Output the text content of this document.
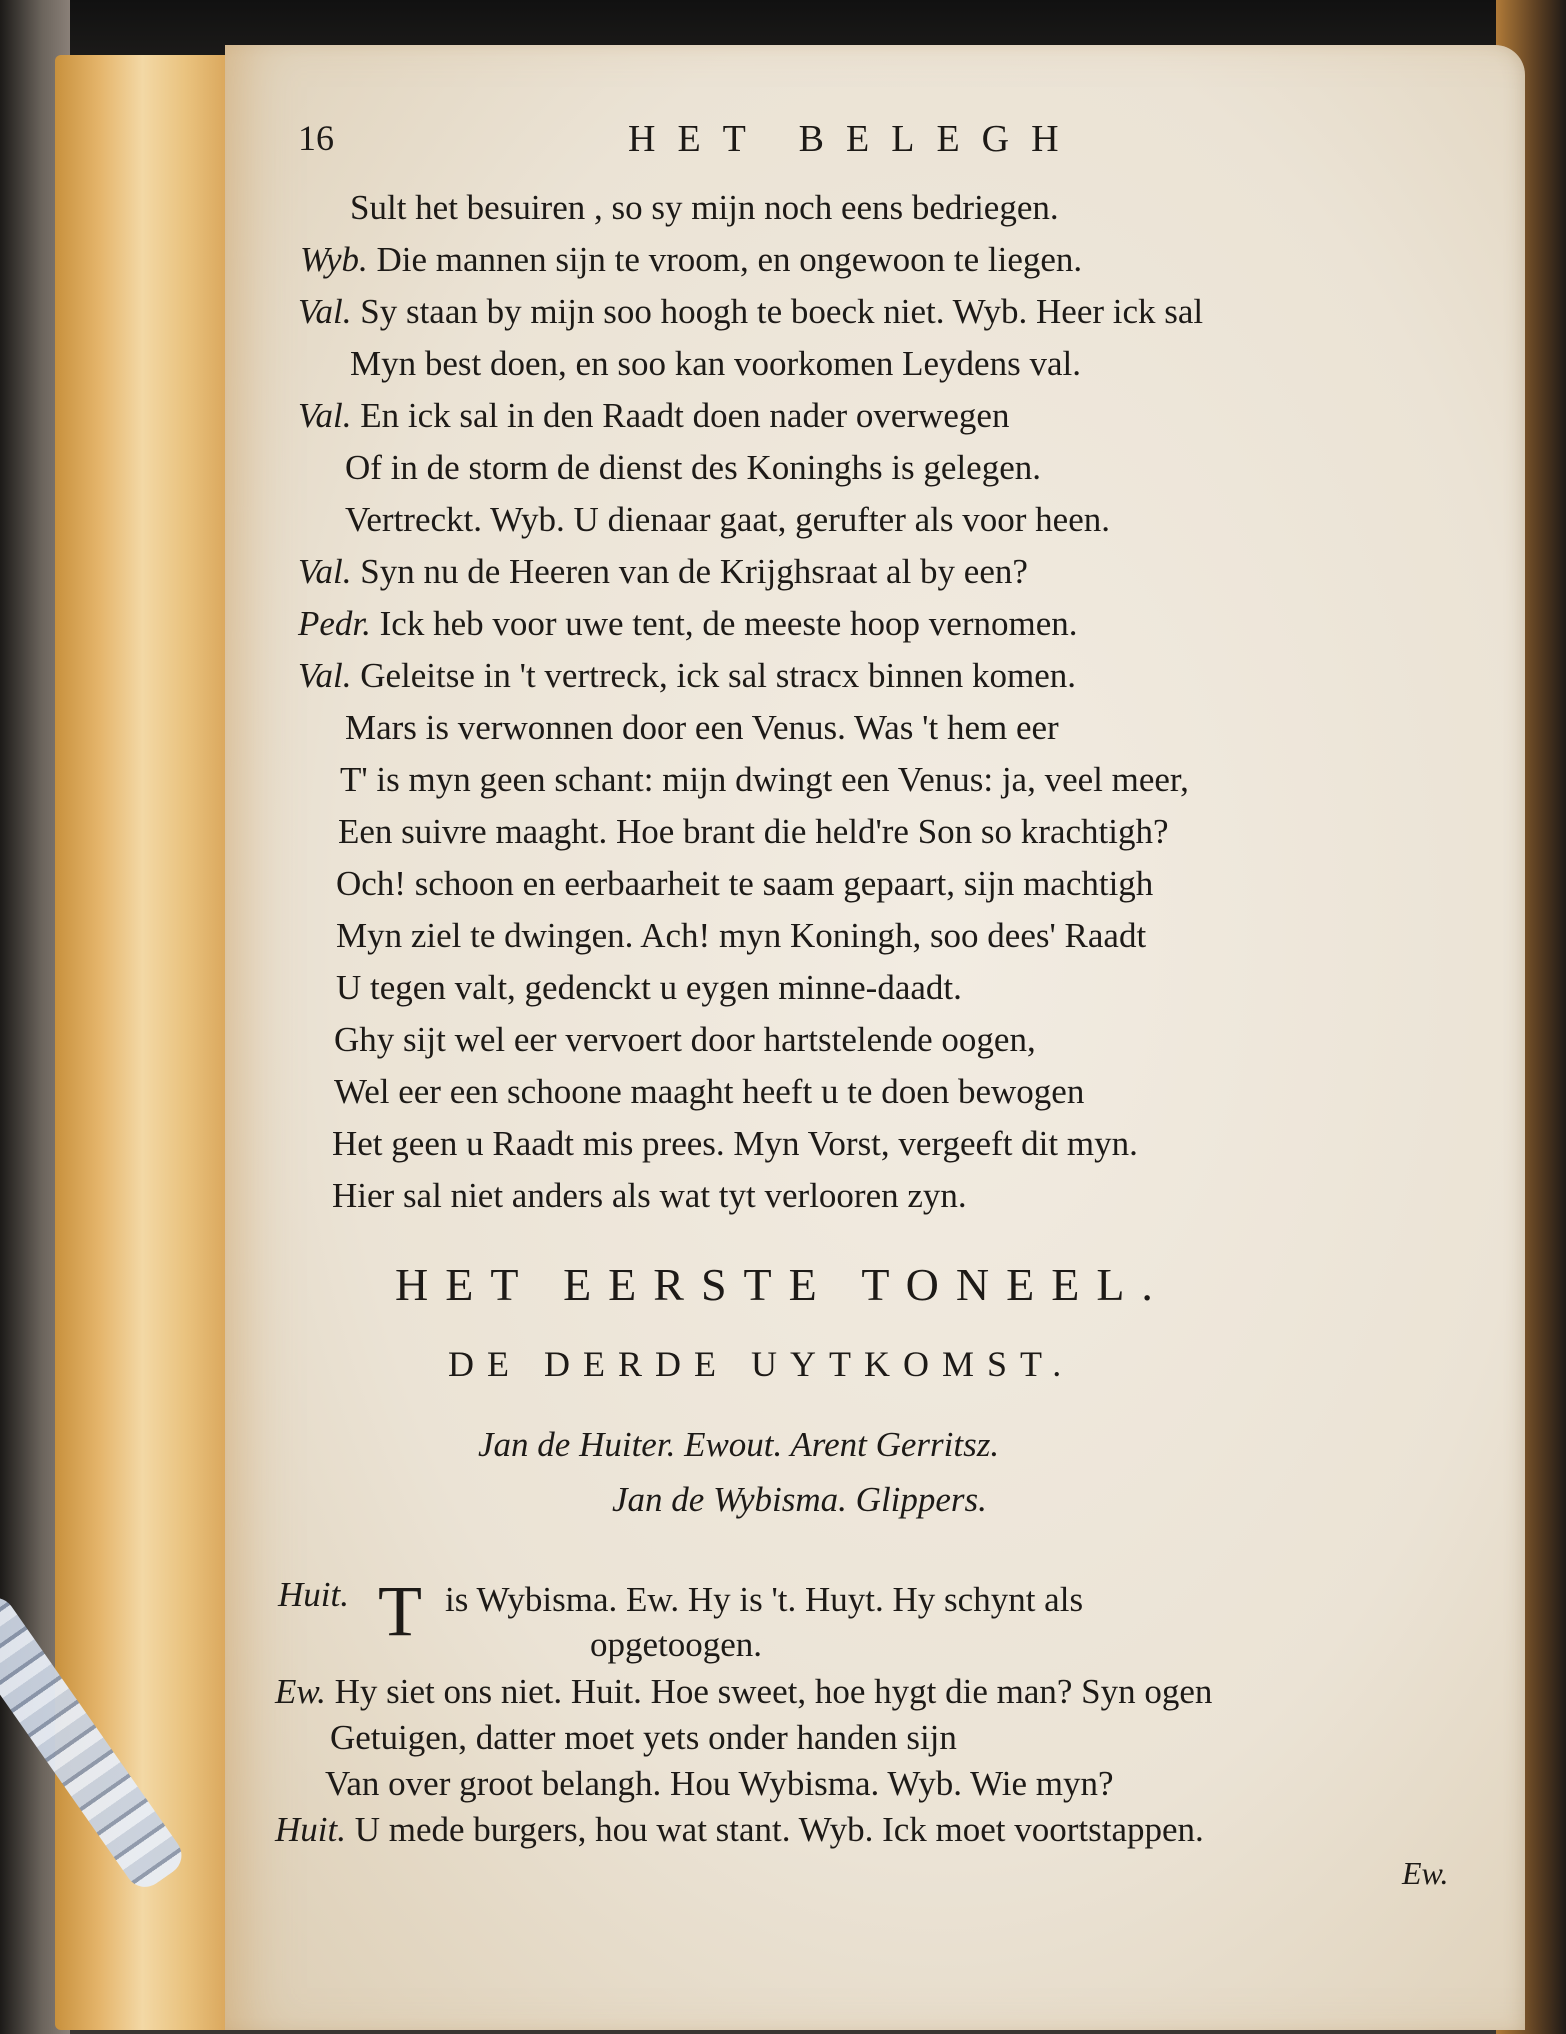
16	HET BELEGH
Sult het besuiren , so sy mijn noch eens bedriegen.
Wyb. Die mannen sijn te vroom, en ongewoon te liegen.
Val. Sy staan by mijn soo hoogh te boeck niet. Wyb. Heer ick sal
Myn best doen, en soo kan voorkomen Leydens val.
Val. En ick sal in den Raadt doen nader overwegen
Of in de storm de dienst des Koninghs is gelegen.
Vertreckt. Wyb. U dienaar gaat, gerufter als voor heen.
Val. Syn nu de Heeren van de Krijghsraat al by een?
Pedr. Ick heb voor uwe tent, de meeste hoop vernomen.
Val. Geleitse in 't vertreck, ick sal stracx binnen komen.
Mars is verwonnen door een Venus. Was 't hem eer
T' is myn geen schant: mijn dwingt een Venus: ja, veel meer,
Een suivre maaght. Hoe brant die held're Son so krachtigh?
Och! schoon en eerbaarheit te saam gepaart, sijn machtigh
Myn ziel te dwingen. Ach! myn Koningh, soo dees' Raadt
U tegen valt, gedenckt u eygen minne-daadt.
Ghy sijt wel eer vervoert door hartstelende oogen,
Wel eer een schoone maaght heeft u te doen bewogen
Het geen u Raadt mis prees. Myn Vorst, vergeeft dit myn.
Hier sal niet anders als wat tyt verlooren zyn.
HET EERSTE TONEEL.
DE DERDE UYTKOMST.
Jan de Huiter. Ewout. Arent Gerritsz.
Jan de Wybisma. Glippers.
Huit. T is Wybisma. Ew. Hy is 't. Huyt. Hy schynt als
opgetoogen.
Ew. Hy siet ons niet. Huit. Hoe sweet, hoe hygt die man? Syn ogen
Getuigen, datter moet yets onder handen sijn
Van over groot belangh. Hou Wybisma. Wyb. Wie myn?
Huit. U mede burgers, hou wat stant. Wyb. Ick moet voortstappen.
Ew.
